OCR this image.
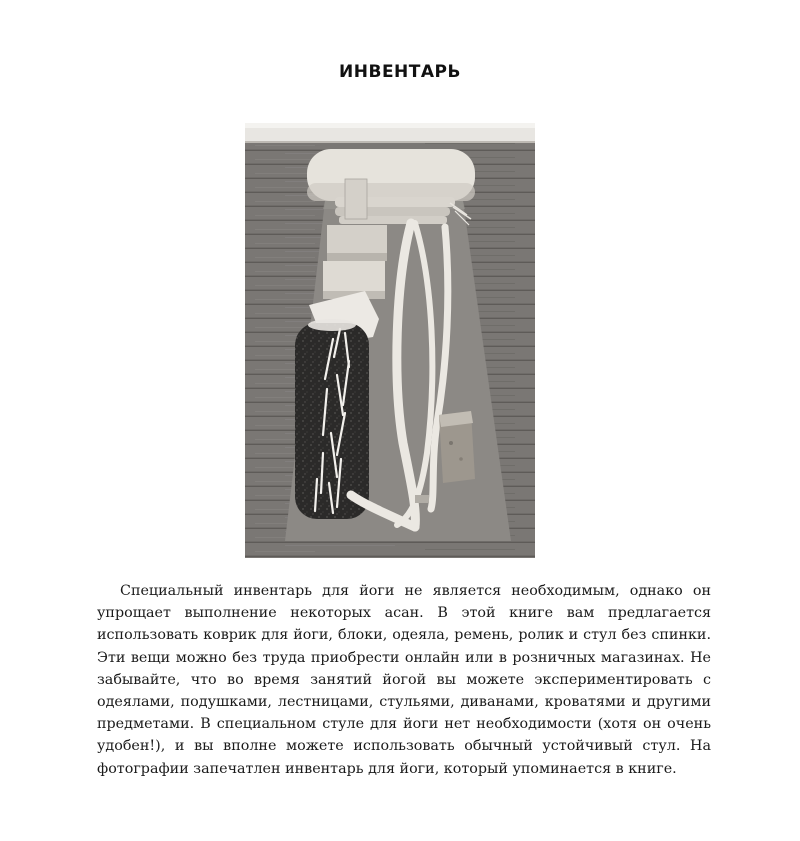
ИНВЕНТАРЬ

Специальный инвентарь для йоги не является необходимым, однако он упрощает выполнение некоторых асан. В этой книге вам предлагается использовать коврик для йоги, блоки, одеяла, ремень, ролик и стул без спинки. Эти вещи можно без труда приобрести онлайн или в розничных магазинах. Не забывайте, что во время занятий йогой вы можете экспериментировать с одеялами, подушками, лестницами, стульями, диванами, кроватями и другими предметами. В специальном стуле для йоги нет необходимости (хотя он очень удобен!), и вы вполне можете использовать обычный устойчивый стул. На фотографии запечатлен инвентарь для йоги, который упоминается в книге.
